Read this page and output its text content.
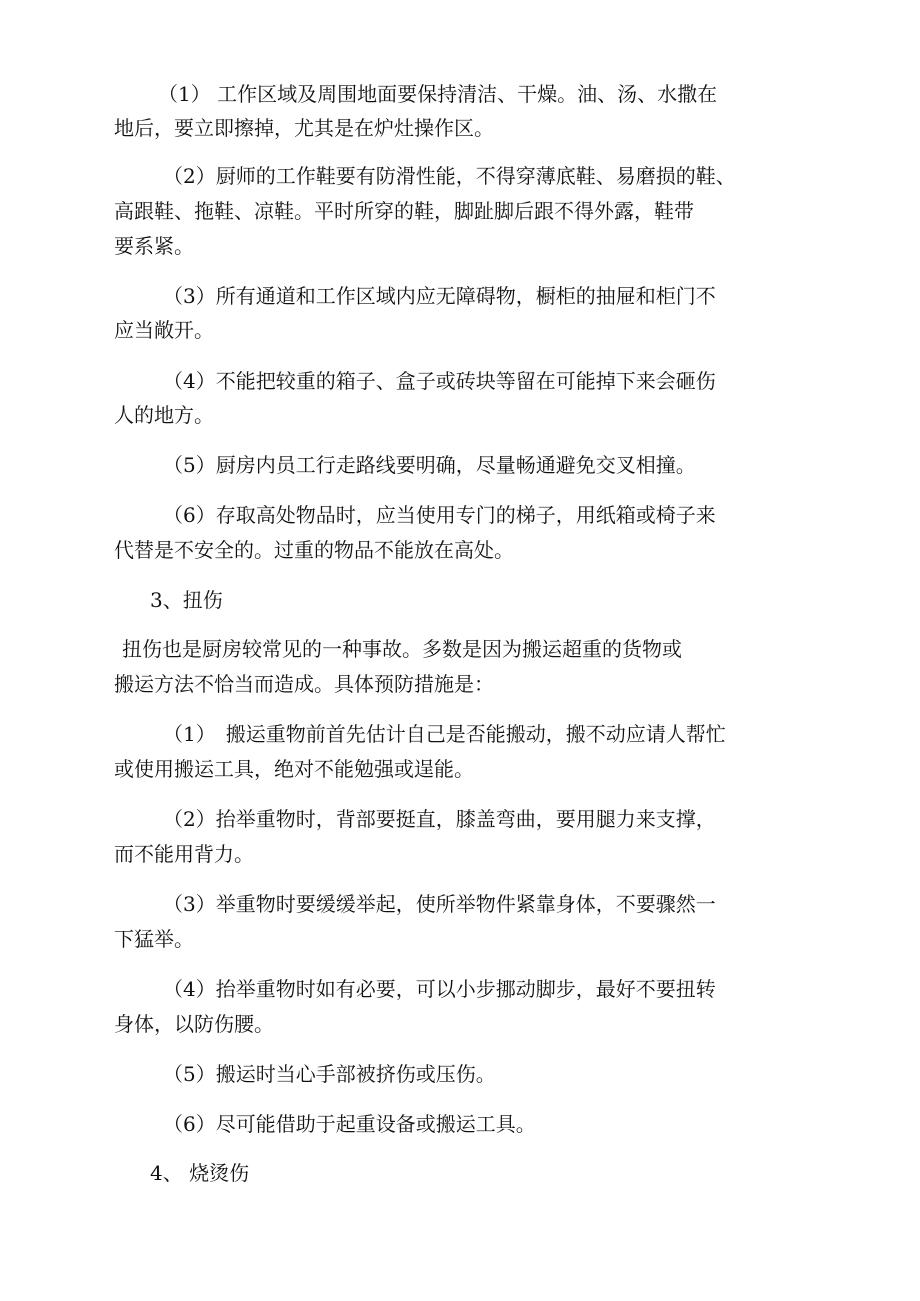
（1） 工作区域及周围地面要保持清洁、干燥。油、汤、水撒在
地后，要立即擦掉，尤其是在炉灶操作区。
（2）厨师的工作鞋要有防滑性能，不得穿薄底鞋、易磨损的鞋、
高跟鞋、拖鞋、凉鞋。平时所穿的鞋，脚趾脚后跟不得外露，鞋带
要系紧。
（3）所有通道和工作区域内应无障碍物，橱柜的抽屉和柜门不
应当敞开。
（4）不能把较重的箱子、盒子或砖块等留在可能掉下来会砸伤
人的地方。
（5）厨房内员工行走路线要明确，尽量畅通避免交叉相撞。
（6）存取高处物品时，应当使用专门的梯子，用纸箱或椅子来
代替是不安全的。过重的物品不能放在高处。
3、扭伤
扭伤也是厨房较常见的一种事故。多数是因为搬运超重的货物或
搬运方法不恰当而造成。具体预防措施是：
（1）　搬运重物前首先估计自己是否能搬动，搬不动应请人帮忙
或使用搬运工具，绝对不能勉强或逞能。
（2）抬举重物时，背部要挺直，膝盖弯曲，要用腿力来支撑，
而不能用背力。
（3）举重物时要缓缓举起，使所举物件紧靠身体，不要骤然一
下猛举。
（4）抬举重物时如有必要，可以小步挪动脚步，最好不要扭转
身体，以防伤腰。
（5）搬运时当心手部被挤伤或压伤。
（6）尽可能借助于起重设备或搬运工具。
4、 烧烫伤
